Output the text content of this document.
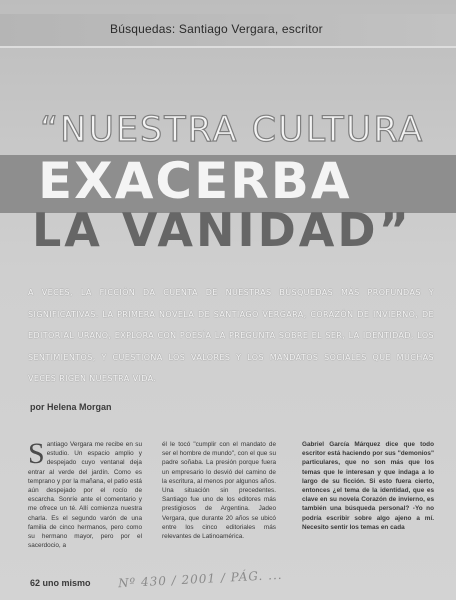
Búsquedas: Santiago Vergara, escritor
“NUESTRA CULTURA
EXACERBA
LA VANIDAD”
A VECES, LA FICCIÓN DA CUENTA DE NUESTRAS BÚSQUEDAS MÁS PROFUNDAS Y SIGNIFICATIVAS. LA PRIMERA NOVELA DE SANTIAGO VERGARA, CORAZÓN DE INVIERNO, DE EDITORIAL URANO, EXPLORA CON POESÍA LA PREGUNTA SOBRE EL SER, LA IDENTIDAD, LOS SENTIMIENTOS, Y CUESTIONA LOS VALORES Y LOS MANDATOS SOCIALES QUE MUCHAS VECES RIGEN NUESTRA VIDA.
por Helena Morgan
Santiago Vergara me recibe en su estudio. Un espacio amplio y despejado cuyo ventanal deja entrar al verde del jardín. Como es temprano y por la mañana, el patio está aún despejado por el rocío de escarcha. Sonríe ante el comentario y me ofrece un té. Allí comienza nuestra charla. Es el segundo varón de una familia de cinco hermanos, pero como su hermano mayor, pero por el sacerdocio, a
él le tocó "cumplir con el mandato de ser el hombre de mundo", con el que su padre soñaba. La presión porque fuera un empresario lo desvió del camino de la escritura, al menos por algunos años. Una situación sin precedentes. Santiago fue uno de los editores más prestigiosos de Argentina. Jadeo Vergara, que durante 20 años se ubicó entre los cinco editoriales más relevantes de Latinoamérica.
Gabriel García Márquez dice que todo escritor está haciendo por sus "demonios" particulares, que no son más que los temas que le interesan y que indaga a lo largo de su ficción. Si esto fuera cierto, entonces ¿el tema de la identidad, que es clave en su novela Corazón de invierno, es también una búsqueda personal? -Yo no podría escribir sobre algo ajeno a mí. Necesito sentir los temas en cada
62 uno mismo Nº 430 / 2001 / PÁG. ...
